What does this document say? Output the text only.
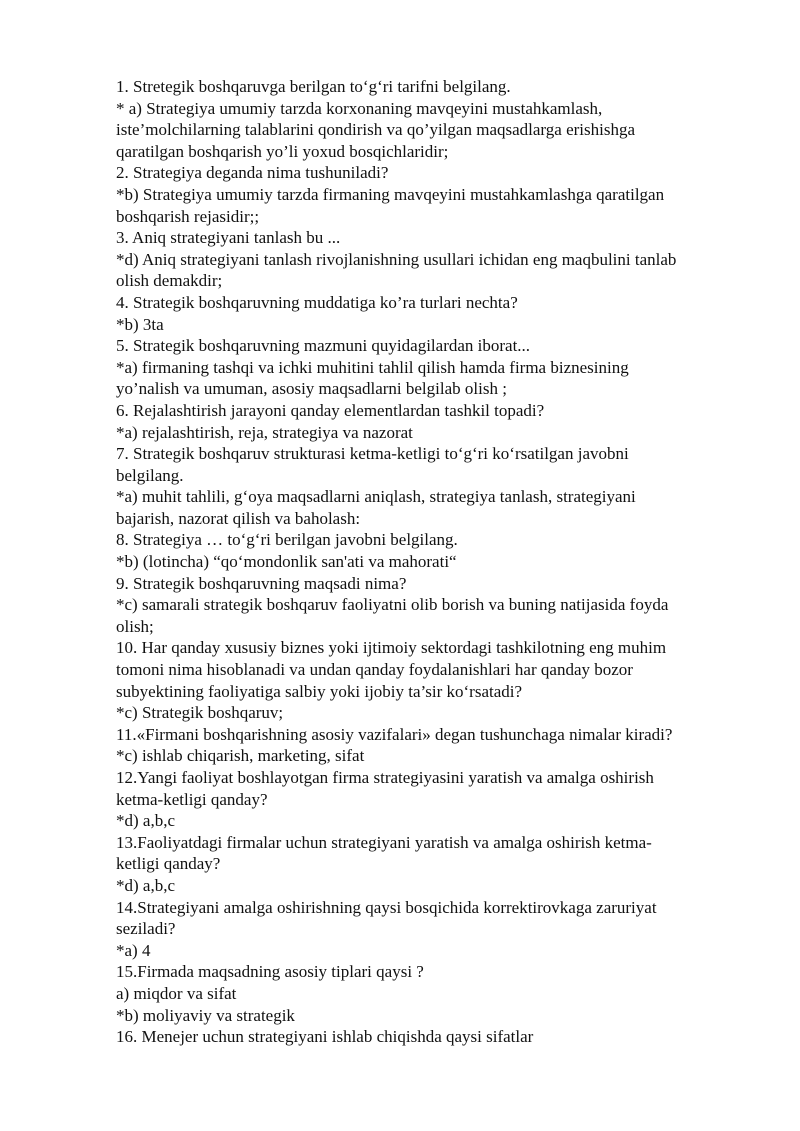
1. Stretegik boshqaruvga berilgan to‘g‘ri tarifni belgilang.
* a) Strategiya umumiy tarzda korxonaning mavqeyini mustahkamlash,
iste’molchilarning talablarini qondirish va qo’yilgan maqsadlarga erishishga
qaratilgan boshqarish yo’li yoxud bosqichlaridir;
2. Strategiya deganda nima tushuniladi?
*b) Strategiya umumiy tarzda firmaning mavqeyini mustahkamlashga qaratilgan
boshqarish rejasidir;;
3. Aniq strategiyani tanlash bu ...
*d) Aniq strategiyani tanlash rivojlanishning usullari ichidan eng maqbulini tanlab
olish demakdir;
4. Strategik boshqaruvning muddatiga ko’ra turlari nechta?
*b) 3ta
5. Strategik boshqaruvning mazmuni quyidagilardan iborat...
*a) firmaning tashqi va ichki muhitini tahlil qilish hamda firma biznesining
yo’nalish va umuman, asosiy maqsadlarni belgilab olish ;
6. Rejalashtirish jarayoni qanday elementlardan tashkil topadi?
*a) rejalashtirish, reja, strategiya va nazorat
7. Strategik boshqaruv strukturasi ketma-ketligi to‘g‘ri ko‘rsatilgan javobni
belgilang.
*a) muhit tahlili, g‘oya maqsadlarni aniqlash, strategiya tanlash, strategiyani
bajarish, nazorat qilish va baholash:
8. Strategiya … to‘g‘ri berilgan javobni belgilang.
*b) (lotincha) “qo‘mondonlik san'ati va mahorati“
9. Strategik boshqaruvning maqsadi nima?
*c) samarali strategik boshqaruv faoliyatni olib borish va buning natijasida foyda
olish;
10. Har qanday xususiy biznes yoki ijtimoiy sektordagi tashkilotning eng muhim
tomoni nima hisoblanadi va undan qanday foydalanishlari har qanday bozor
subyektining faoliyatiga salbiy yoki ijobiy ta’sir ko‘rsatadi?
*c) Strategik boshqaruv;
11.«Firmani boshqarishning asosiy vazifalari» degan tushunchaga nimalar kiradi?
*c) ishlab chiqarish, marketing, sifat
12.Yangi faoliyat boshlayotgan firma strategiyasini yaratish va amalga oshirish
ketma-ketligi qanday?
*d) a,b,c
13.Faoliyatdagi firmalar uchun strategiyani yaratish va amalga oshirish ketma-
ketligi qanday?
*d) a,b,c
14.Strategiyani amalga oshirishning qaysi bosqichida korrektirovkaga zaruriyat
seziladi?
*a) 4
15.Firmada maqsadning asosiy tiplari qaysi ?
a) miqdor va sifat
*b) moliyaviy va strategik
16. Menejer uchun strategiyani ishlab chiqishda qaysi sifatlar
